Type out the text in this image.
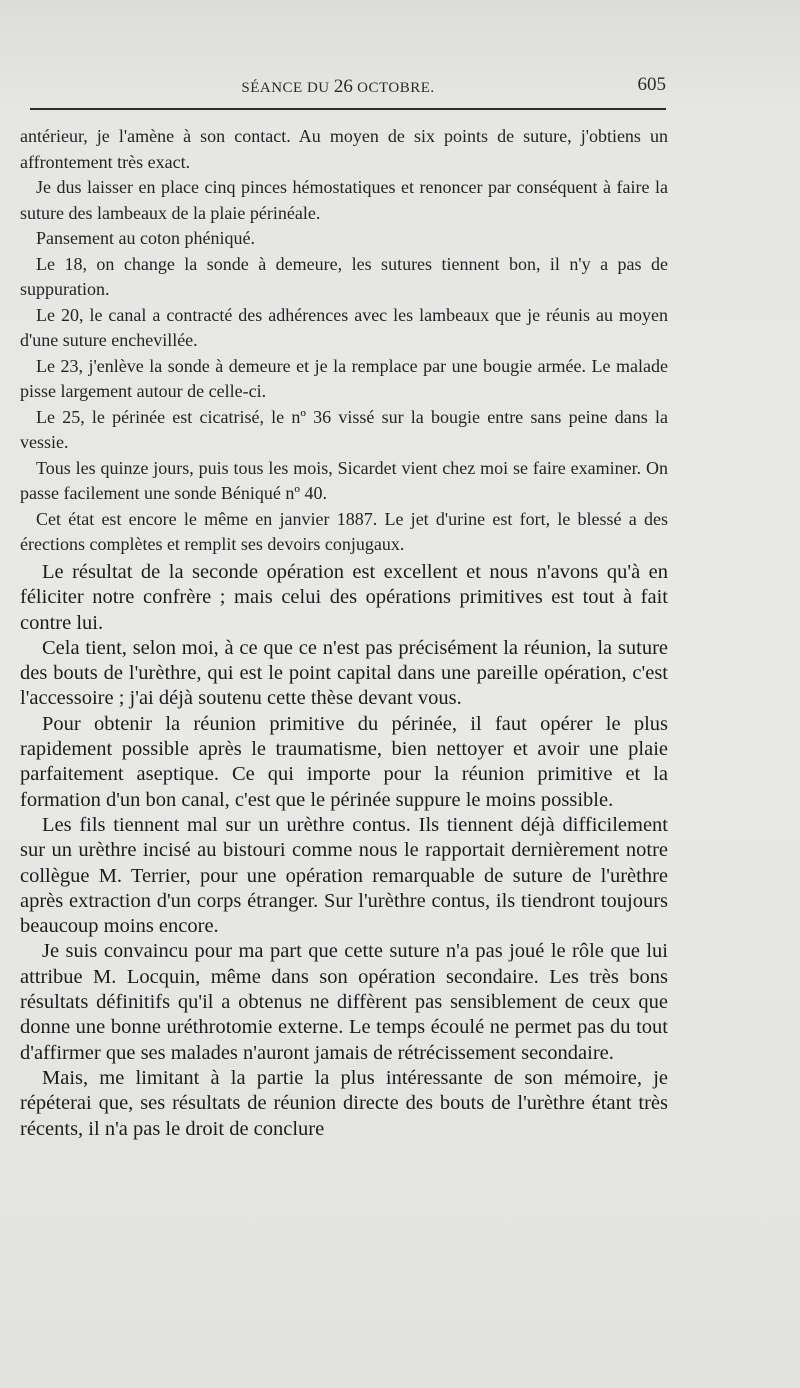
SÉANCE DU 26 OCTOBRE.	605

antérieur, je l'amène à son contact. Au moyen de six points de suture, j'obtiens un affrontement très exact.

Je dus laisser en place cinq pinces hémostatiques et renoncer par conséquent à faire la suture des lambeaux de la plaie périnéale.

Pansement au coton phéniqué.

Le 18, on change la sonde à demeure, les sutures tiennent bon, il n'y a pas de suppuration.

Le 20, le canal a contracté des adhérences avec les lambeaux que je réunis au moyen d'une suture enchevillée.

Le 23, j'enlève la sonde à demeure et je la remplace par une bougie armée. Le malade pisse largement autour de celle-ci.

Le 25, le périnée est cicatrisé, le nº 36 vissé sur la bougie entre sans peine dans la vessie.

Tous les quinze jours, puis tous les mois, Sicardet vient chez moi se faire examiner. On passe facilement une sonde Béniqué nº 40.

Cet état est encore le même en janvier 1887. Le jet d'urine est fort, le blessé a des érections complètes et remplit ses devoirs conjugaux.

Le résultat de la seconde opération est excellent et nous n'avons qu'à en féliciter notre confrère ; mais celui des opérations primitives est tout à fait contre lui.

Cela tient, selon moi, à ce que ce n'est pas précisément la réunion, la suture des bouts de l'urèthre, qui est le point capital dans une pareille opération, c'est l'accessoire ; j'ai déjà soutenu cette thèse devant vous.

Pour obtenir la réunion primitive du périnée, il faut opérer le plus rapidement possible après le traumatisme, bien nettoyer et avoir une plaie parfaitement aseptique. Ce qui importe pour la réunion primitive et la formation d'un bon canal, c'est que le périnée suppure le moins possible.

Les fils tiennent mal sur un urèthre contus. Ils tiennent déjà difficilement sur un urèthre incisé au bistouri comme nous le rapportait dernièrement notre collègue M. Terrier, pour une opération remarquable de suture de l'urèthre après extraction d'un corps étranger. Sur l'urèthre contus, ils tiendront toujours beaucoup moins encore.

Je suis convaincu pour ma part que cette suture n'a pas joué le rôle que lui attribue M. Locquin, même dans son opération secondaire. Les très bons résultats définitifs qu'il a obtenus ne diffèrent pas sensiblement de ceux que donne une bonne uréthrotomie externe. Le temps écoulé ne permet pas du tout d'affirmer que ses malades n'auront jamais de rétrécissement secondaire.

Mais, me limitant à la partie la plus intéressante de son mémoire, je répéterai que, ses résultats de réunion directe des bouts de l'urèthre étant très récents, il n'a pas le droit de conclure
